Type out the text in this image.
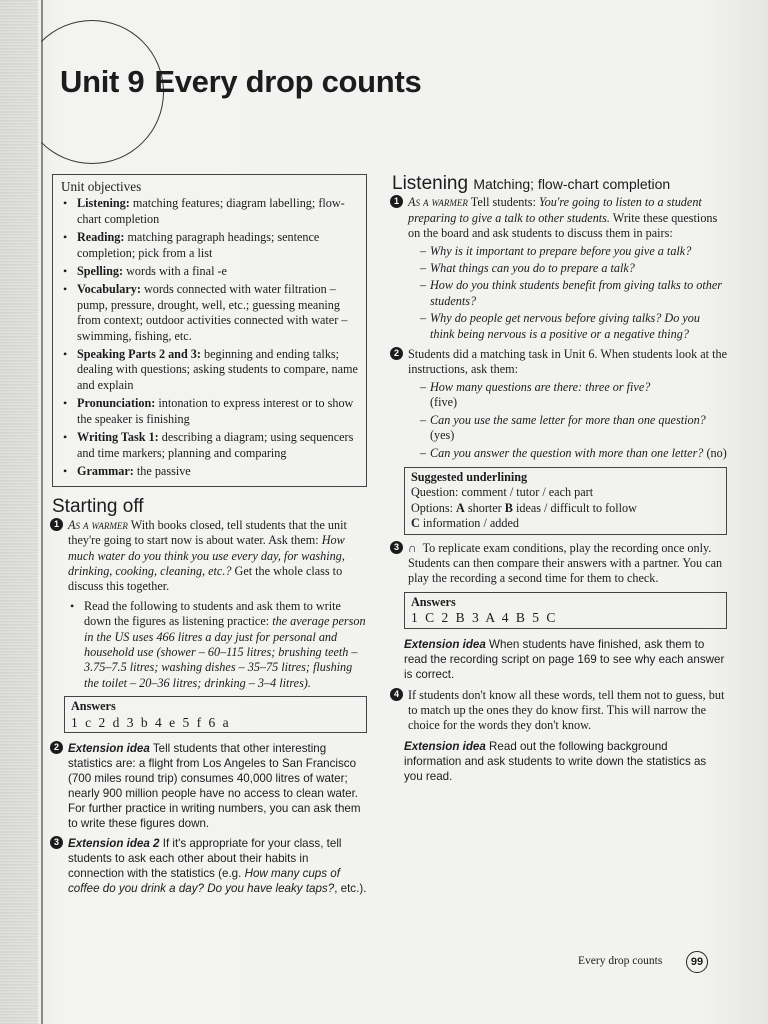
Unit 9 Every drop counts
Unit objectives
• Listening: matching features; diagram labelling; flow-chart completion
• Reading: matching paragraph headings; sentence completion; pick from a list
• Spelling: words with a final -e
• Vocabulary: words connected with water filtration – pump, pressure, drought, well, etc.; guessing meaning from context; outdoor activities connected with water – swimming, fishing, etc.
• Speaking Parts 2 and 3: beginning and ending talks; dealing with questions; asking students to compare, name and explain
• Pronunciation: intonation to express interest or to show the speaker is finishing
• Writing Task 1: describing a diagram; using sequencers and time markers; planning and comparing
• Grammar: the passive
Starting off
1 As a warmer With books closed, tell students that the unit they're going to start now is about water. Ask them: How much water do you think you use every day, for washing, drinking, cooking, cleaning, etc.? Get the whole class to discuss this together.
• Read the following to students and ask them to write down the figures as listening practice: the average person in the US uses 466 litres a day just for personal and household use (shower – 60–115 litres; brushing teeth – 3.75–7.5 litres; washing dishes – 35–75 litres; flushing the toilet – 20–36 litres; drinking – 3–4 litres).
Answers
1 c 2 d 3 b 4 e 5 f 6 a
2 Extension idea Tell students that other interesting statistics are: a flight from Los Angeles to San Francisco (700 miles round trip) consumes 40,000 litres of water; nearly 900 million people have no access to clean water. For further practice in writing numbers, you can ask them to write these figures down.
3 Extension idea 2 If it's appropriate for your class, tell students to ask each other about their habits in connection with the statistics (e.g. How many cups of coffee do you drink a day? Do you have leaky taps?, etc.).
Listening Matching; flow-chart completion
1 As a warmer Tell students: You're going to listen to a student preparing to give a talk to other students. Write these questions on the board and ask students to discuss them in pairs:
– Why is it important to prepare before you give a talk?
– What things can you do to prepare a talk?
– How do you think students benefit from giving talks to other students?
– Why do people get nervous before giving talks? Do you think being nervous is a positive or a negative thing?
2 Students did a matching task in Unit 6. When students look at the instructions, ask them:
– How many questions are there: three or five?
(five)
– Can you use the same letter for more than one question? (yes)
– Can you answer the question with more than one letter? (no)
Suggested underlining
Question: comment / tutor / each part
Options: A shorter B ideas / difficult to follow
C information / added
3 ∩ To replicate exam conditions, play the recording once only. Students can then compare their answers with a partner. You can play the recording a second time for them to check.
Answers
1 C 2 B 3 A 4 B 5 C
Extension idea When students have finished, ask them to read the recording script on page 169 to see why each answer is correct.
4 If students don't know all these words, tell them not to guess, but to match up the ones they do know first. This will narrow the choice for the words they don't know.
Extension idea Read out the following background information and ask students to write down the statistics as you read.
Every drop counts	99
